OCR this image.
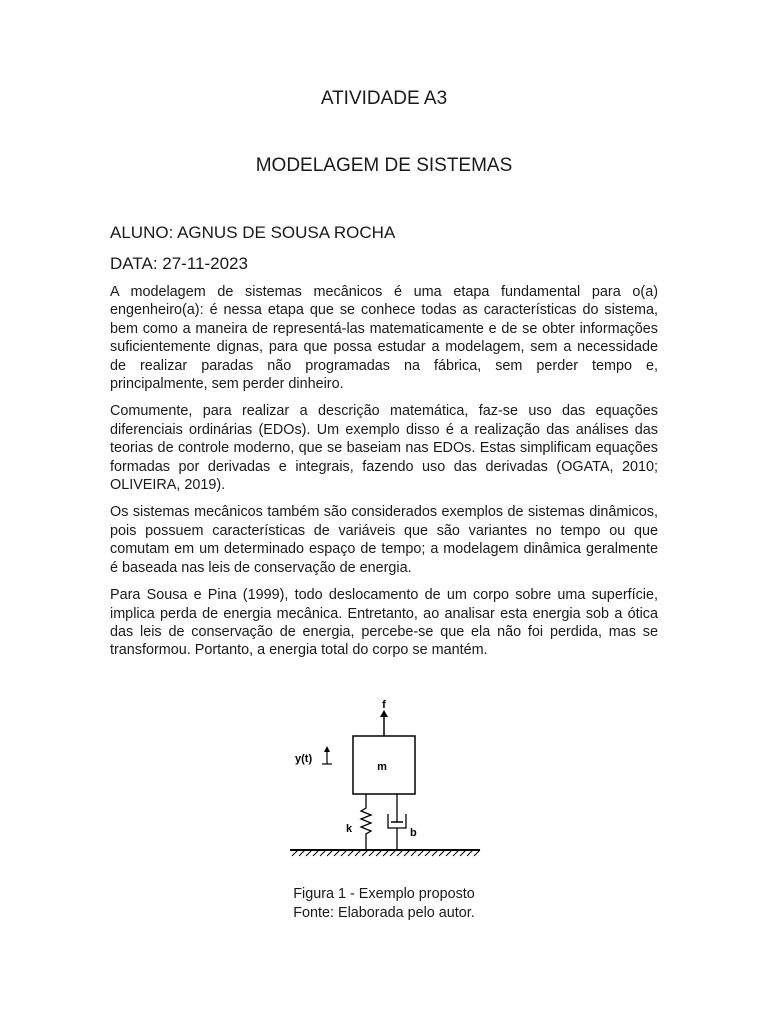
ATIVIDADE A3
MODELAGEM DE SISTEMAS
ALUNO: AGNUS DE SOUSA ROCHA
DATA: 27-11-2023

A modelagem de sistemas mecânicos é uma etapa fundamental para o(a) engenheiro(a): é nessa etapa que se conhece todas as características do sistema, bem como a maneira de representá-las matematicamente e de se obter informações suficientemente dignas, para que possa estudar a modelagem, sem a necessidade de realizar paradas não programadas na fábrica, sem perder tempo e, principalmente, sem perder dinheiro.

Comumente, para realizar a descrição matemática, faz-se uso das equações diferenciais ordinárias (EDOs). Um exemplo disso é a realização das análises das teorias de controle moderno, que se baseiam nas EDOs. Estas simplificam equações formadas por derivadas e integrais, fazendo uso das derivadas (OGATA, 2010; OLIVEIRA, 2019).

Os sistemas mecânicos também são considerados exemplos de sistemas dinâmicos, pois possuem características de variáveis que são variantes no tempo ou que comutam em um determinado espaço de tempo; a modelagem dinâmica geralmente é baseada nas leis de conservação de energia.

Para Sousa e Pina (1999), todo deslocamento de um corpo sobre uma superfície, implica perda de energia mecânica. Entretanto, ao analisar esta energia sob a ótica das leis de conservação de energia, percebe-se que ela não foi perdida, mas se transformou. Portanto, a energia total do corpo se mantém.

f
m
y(t)
k	b
Figura 1 - Exemplo proposto
Fonte: Elaborada pelo autor.
